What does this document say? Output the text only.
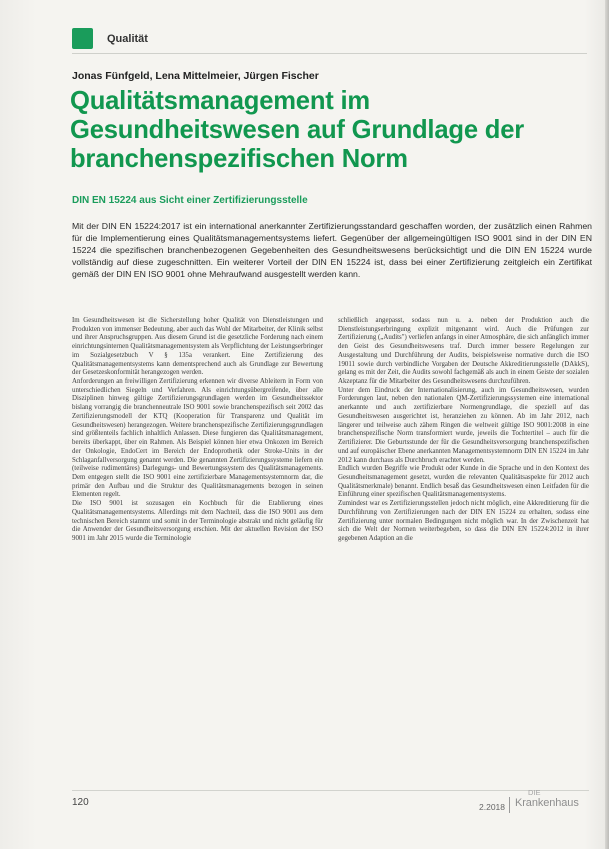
Qualität
Jonas Fünfgeld, Lena Mittelmeier, Jürgen Fischer
Qualitätsmanagement im Gesundheitswesen auf Grundlage der branchenspezifischen Norm
DIN EN 15224 aus Sicht einer Zertifizierungsstelle

Mit der DIN EN 15224:2017 ist ein international anerkannter Zertifizierungsstandard geschaffen worden, der zusätzlich einen Rahmen für die Implementierung eines Qualitätsmanagementsystems liefert. Gegenüber der allgemeingültigen ISO 9001 sind in der DIN EN 15224 die spezifischen branchenbezogenen Gegebenheiten des Gesundheitswesens berücksichtigt und die DIN EN 15224 wurde vollständig auf diese zugeschnitten. Ein weiterer Vorteil der DIN EN 15224 ist, dass bei einer Zertifizierung zeitgleich ein Zertifikat gemäß der DIN EN ISO 9001 ohne Mehraufwand ausgestellt werden kann.

Im Gesundheitswesen ist die Sicherstellung hoher Qualität von Dienstleistungen und Produkten von immenser Bedeutung, aber auch das Wohl der Mitarbeiter, der Klinik selbst und ihrer Anspruchsgruppen. Aus diesem Grund ist die gesetzliche Forderung nach einem einrichtungsinternen Qualitätsmanagementsystem als Verpflichtung der Leistungserbringer im Sozialgesetzbuch V § 135a verankert. Eine Zertifizierung des Qualitätsmanagementsystems kann dementsprechend auch als Grundlage zur Bewertung der Gesetzeskonformität herangezogen werden.

Anforderungen an freiwilligen Zertifizierung erkennen wir diverse Ableitern in Form von unterschiedlichen Siegeln und Verfahren. Als einrichtungsübergreifende, über alle Disziplinen hinweg gültige Zertifizierungsgrundlagen werden im Gesundheitssektor bislang vorrangig die branchenneutrale ISO 9001 sowie branchenspezifisch seit 2002 das Zertifizierungsmodell der KTQ (Kooperation für Transparenz und Qualität im Gesundheitswesen) herangezogen. Weitere branchenspezifische Zertifizierungsgrundlagen sind größtenteils fachlich inhaltlich Anlassen. Diese fungieren das Qualitätsmanagement, bereits überkappt, über ein Rahmen. Als Beispiel können hier etwa Onkozen im Bereich der Onkologie, EndoCert im Bereich der Endoprothetik oder Stroke-Units in der Schlaganfallversorgung genannt werden. Die genannten Zertifizierungssysteme liefern ein (teilweise rudimentäres) Darlegungs- und Bewertungssystem des Qualitätsmanagements. Dem entgegen stellt die ISO 9001 eine zertifizierbare Managementsystemnorm dar, die primär den Aufbau und die Struktur des Qualitätsmanagements bezogen in seinen Elementen regelt.

Die ISO 9001 ist sozusagen ein Kochbuch für die Etablierung eines Qualitätsmanagementsystems. Allerdings mit dem Nachteil, dass die ISO 9001 aus dem technischen Bereich stammt und somit in der Terminologie abstrakt und nicht geläufig für die Anwender der Gesundheitsversorgung erschien. Mit der aktuellen Revision der ISO 9001 im Jahr 2015 wurde die Terminologie

schließlich angepasst, sodass nun u. a. neben der Produktion auch die Dienstleistungserbringung explizit mitgenannt wird. Auch die Prüfungen zur Zertifizierung („Audits") verliefen anfangs in einer Atmosphäre, die sich anfänglich immer den Geist des Gesundheitswesens traf. Durch immer bessere Regelungen zur Ausgestaltung und Durchführung der Audits, beispielsweise normative durch die ISO 19011 sowie durch verbindliche Vorgaben der Deutsche Akkreditierungsstelle (DAkkS), gelang es mit der Zeit, die Audits sowohl fachgemäß als auch in einem Geiste der sozialen Akzeptanz für die Mitarbeiter des Gesundheitswesens durchzuführen.

Unter dem Eindruck der Internationalisierung, auch im Gesundheitswesen, wurden Forderungen laut, neben den nationalen QM-Zertifizierungssystemen eine international anerkannte und auch zertifizierbare Normengrundlage, die speziell auf das Gesundheitswesen ausgerichtet ist, heranziehen zu können. Ab im Jahr 2012, nach längerer und teilweise auch zähem Ringen die weltweit gültige ISO 9001:2008 in eine branchenspezifische Norm transformiert wurde, jeweils die Tochtertitel – auch für die Zertifizierer. Die Geburtsstunde der für die Gesundheitsversorgung branchenspezifischen und auf europäischer Ebene anerkannten Managementsystemnorm DIN EN 15224 im Jahr 2012 kann durchaus als Durchbruch erachtet werden.

Endlich wurden Begriffe wie Produkt oder Kunde in die Sprache und in den Kontext des Gesundheitsmanagement gesetzt, wurden die relevanten Qualitätsaspekte für 2012 auch Qualitätsmerkmale) benannt. Endlich besaß das Gesundheitswesen einen Leitfaden für die Einführung einer spezifischen Qualitätsmanagementsystems.

Zumindest war es Zertifizierungsstellen jedoch nicht möglich, eine Akkreditierung für die Durchführung von Zertifizierungen nach der DIN EN 15224 zu erhalten, sodass eine Zertifizierung unter normalen Bedingungen nicht möglich war. In der Zwischenzeit hat sich die Welt der Normen weiterbegeben, so dass die DIN EN 15224:2012 in ihrer gegebenen Adaption an die

120	2.2018
DIE
Krankenhaus
